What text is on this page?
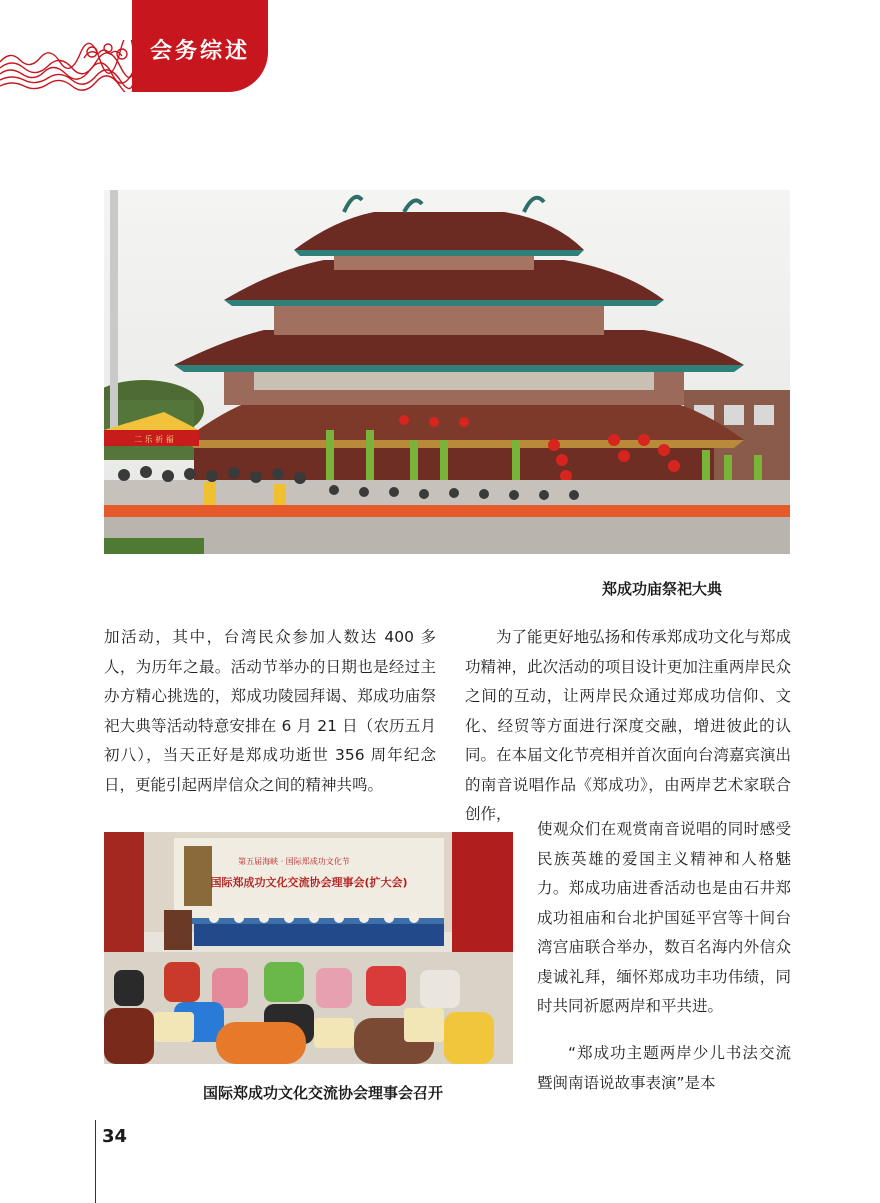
会务综述
二 乐 祈 福
郑成功庙祭祀大典

加活动，其中，台湾民众参加人数达 400 多人，为历年之最。活动节举办的日期也是经过主办方精心挑选的，郑成功陵园拜谒、郑成功庙祭祀大典等活动特意安排在 6 月 21 日（农历五月初八），当天正好是郑成功逝世 356 周年纪念日，更能引起两岸信众之间的精神共鸣。

为了能更好地弘扬和传承郑成功文化与郑成功精神，此次活动的项目设计更加注重两岸民众之间的互动，让两岸民众通过郑成功信仰、文化、经贸等方面进行深度交融，增进彼此的认同。在本届文化节亮相并首次面向台湾嘉宾演出的南音说唱作品《郑成功》，由两岸艺术家联合创作，

使观众们在观赏南音说唱的同时感受民族英雄的爱国主义精神和人格魅力。郑成功庙进香活动也是由石井郑成功祖庙和台北护国延平宫等十间台湾宫庙联合举办，数百名海内外信众虔诚礼拜，缅怀郑成功丰功伟绩，同时共同祈愿两岸和平共进。

“郑成功主题两岸少儿书法交流暨闽南语说故事表演”是本

第五届海峡 · 国际郑成功文化节
国际郑成功文化交流协会理事会(扩大会)
国际郑成功文化交流协会理事会召开
34
